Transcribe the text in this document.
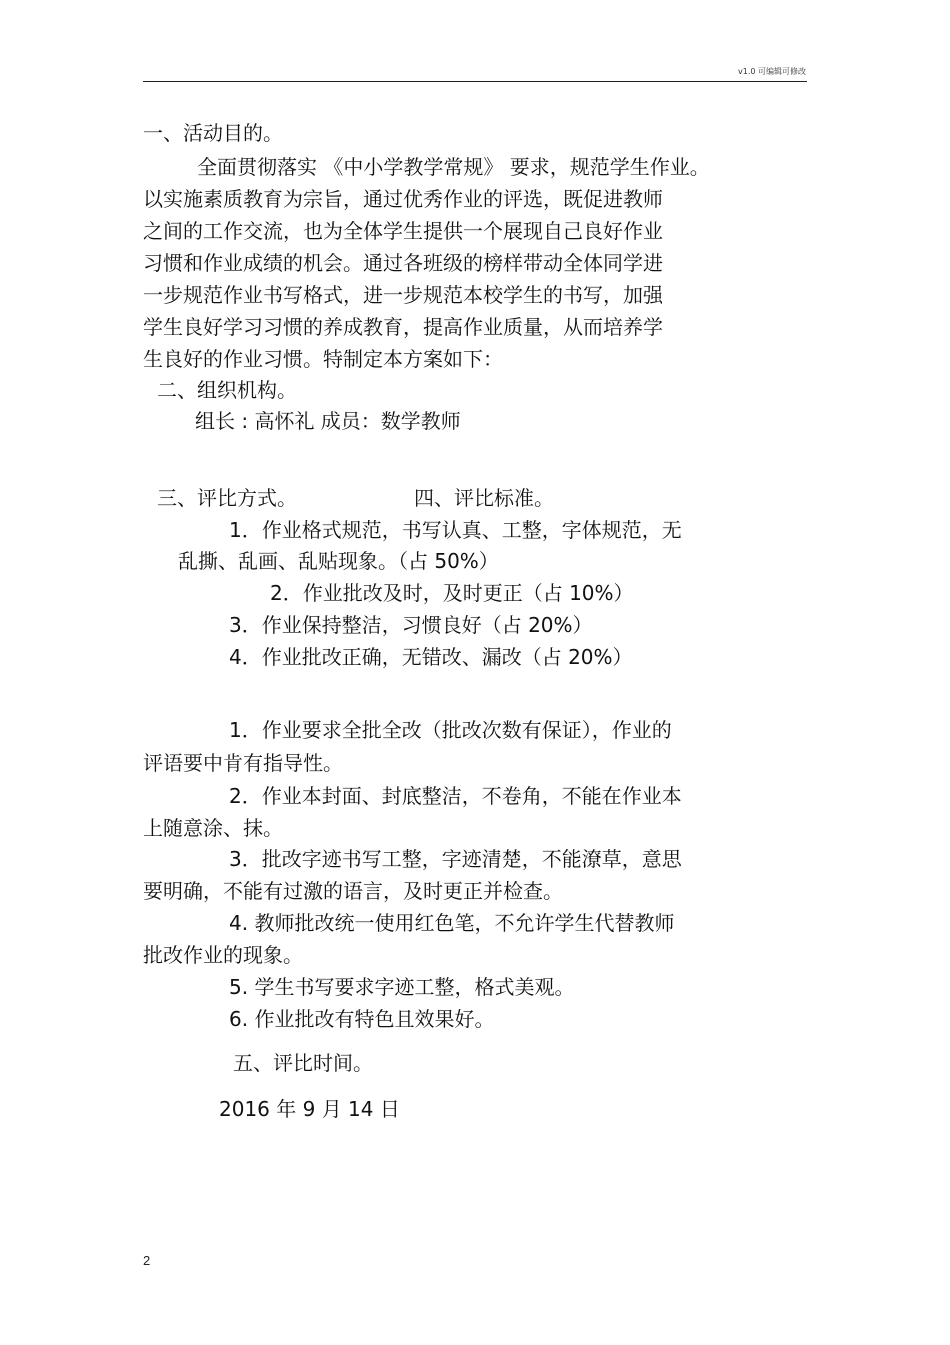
v1.0 可编辑可修改
一、活动目的。
全面贯彻落实 《中小学教学常规》 要求，规范学生作业。
以实施素质教育为宗旨，通过优秀作业的评选，既促进教师
之间的工作交流，也为全体学生提供一个展现自己良好作业
习惯和作业成绩的机会。通过各班级的榜样带动全体同学进
一步规范作业书写格式，进一步规范本校学生的书写，加强
学生良好学习习惯的养成教育，提高作业质量，从而培养学
生良好的作业习惯。特制定本方案如下：
二、组织机构。
组长 : 高怀礼 成员：数学教师
三、评比方式。	四、评比标准。
1．作业格式规范，书写认真、工整，字体规范，无
乱撕、乱画、乱贴现象。（占 50%）
2．作业批改及时，及时更正（占 10%）
3．作业保持整洁，习惯良好（占 20%）
4．作业批改正确，无错改、漏改（占 20%）
1．作业要求全批全改（批改次数有保证），作业的
评语要中肯有指导性。
2．作业本封面、封底整洁，不卷角，不能在作业本
上随意涂、抹。
3．批改字迹书写工整，字迹清楚，不能潦草，意思
要明确，不能有过激的语言，及时更正并检查。
4. 教师批改统一使用红色笔，不允许学生代替教师
批改作业的现象。
5. 学生书写要求字迹工整，格式美观。
6. 作业批改有特色且效果好。
五、评比时间。
2016 年 9 月 14 日
2
